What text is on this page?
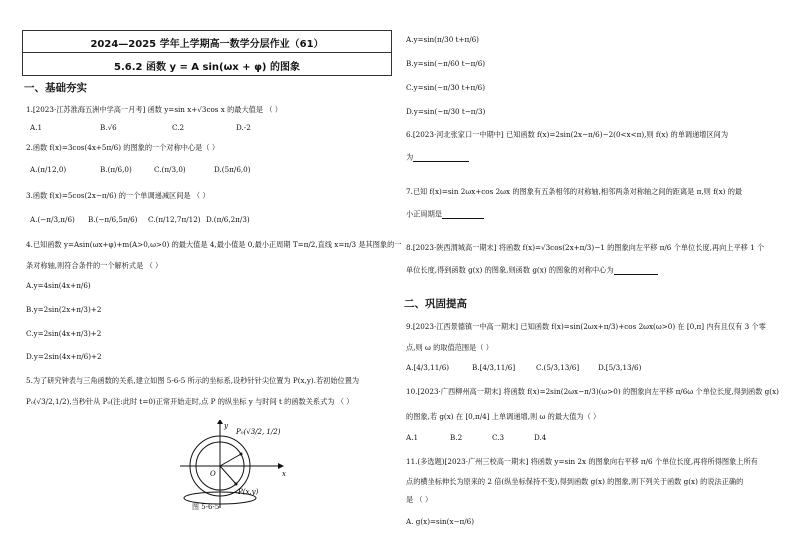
2024—2025 学年上学期高一数学分层作业（61）
5.6.2 函数 y = A sin(ωx + φ) 的图象
一、基础夯实
1.[2023·江苏淮海五洲中学高一月考] 函数 y=sin x+√3cos x 的最大值是 （ ）
A.1	B.√6	C.2	D.-2
2.函数 f(x)=3cos(4x+5π/6) 的图象的一个对称中心是（ ）
A.(π/12,0)	B.(π/6,0)	C.(π/3,0)	D.(5π/6,0)
3.函数 f(x)=5cos(2x−π/6) 的一个单调递减区间是 （ ）
A.(−π/3,π/6) B.(−π/6,5π/6) C.(π/12,7π/12) D.(π/6,2π/3)
4.已知函数 y=Asin(ωx+φ)+m(A>0,ω>0) 的最大值是 4,最小值是 0,最小正周期 T=π/2,直线 x=π/3 是其图象的一
条对称轴,则符合条件的一个解析式是 （ ）
A.y=4sin(4x+π/6)
B.y=2sin(2x+π/3)+2
C.y=2sin(4x+π/3)+2
D.y=2sin(4x+π/6)+2
5.为了研究钟表与三角函数的关系,建立如图 5-6-5 所示的坐标系,设秒针针尖位置为 P(x,y).若初始位置为
P₀(√3/2,1/2),当秒针从 P₀(注:此时 t=0)正常开始走时,点 P 的纵坐标 y 与时间 t 的函数关系式为 （ ）
P₀(√3/2, 1/2)
P(x,y)
O	x
y
图 5-6-5
A.y=sin(π/30 t+π/6)
B.y=sin(−π/60 t−π/6)
C.y=sin(−π/30 t+π/6)
D.y=sin(−π/30 t−π/3)
6.[2023·河北张家口一中期中] 已知函数 f(x)=2sin(2x−π/6)−2(0<x<π),则 f(x) 的单调递增区间为
为
7.已知 f(x)=sin 2ωx+cos 2ωx 的图象有五条相邻的对称轴,相邻两条对称轴之间的距离是 π,则 f(x) 的最
小正周期是
8.[2023·陕西渭城高一期末] 将函数 f(x)=√3cos(2x+π/3)−1 的图象向左平移 π/6 个单位长度,再向上平移 1 个
单位长度,得到函数 g(x) 的图象,则函数 g(x) 的图象的对称中心为
二、巩固提高
9.[2023·江西景德镇一中高一期末] 已知函数 f(x)=sin(2ωx+π/3)+cos 2ωx(ω>0) 在 [0,π] 内有且仅有 3 个零
点,则 ω 的取值范围是（ ）
A.[4/3,11/6)	B.[4/3,11/6]	C.(5/3,13/6]	D.[5/3,13/6)
10.[2023·广西柳州高一期末] 将函数 f(x)=2sin(2ωx−π/3)(ω>0) 的图象向左平移 π/6ω 个单位长度,得到函数 g(x)
的图象,若 g(x) 在 [0,π/4] 上单调递增,则 ω 的最大值为（ ）
A.1	B.2	C.3	D.4
11.(多选题)[2023·广州三校高一期末] 将函数 y=sin 2x 的图象向右平移 π/6 个单位长度,再将所得图象上所有
点的横坐标伸长为原来的 2 倍(纵坐标保持不变),得到函数 g(x) 的图象,则下列关于函数 g(x) 的说法正确的
是 （ ）
A. g(x)=sin(x−π/6)
